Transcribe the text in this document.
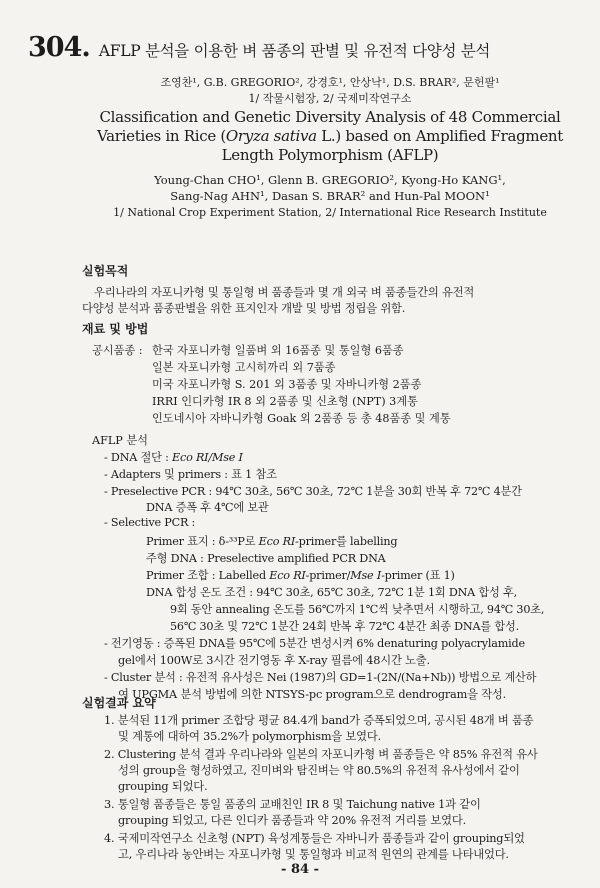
304. AFLP 분석을 이용한 벼 품종의 판별 및 유전적 다양성 분석
조영찬¹, G.B. GREGORIO², 강경호¹, 안상낙¹, D.S. BRAR², 문헌팔¹
1/ 작물시험장, 2/ 국제미작연구소
Classification and Genetic Diversity Analysis of 48 Commercial
Varieties in Rice (Oryza sativa L.) based on Amplified Fragment
Length Polymorphism (AFLP)
Young-Chan CHO¹, Glenn B. GREGORIO², Kyong-Ho KANG¹,
Sang-Nag AHN¹, Dasan S. BRAR² and Hun-Pal MOON¹
1/ National Crop Experiment Station, 2/ International Rice Research Institute
실험목적
우리나라의 자포니카형 및 통일형 벼 품종들과 몇 개 외국 벼 품종들간의 유전적
다양성 분석과 품종판별을 위한 표지인자 개발 및 방법 정립을 위함.
재료 및 방법
공시품종 : 한국 자포니카형 일품벼 외 16품종 및 통일형 6품종
일본 자포니카형 고시히까리 외 7품종
미국 자포니카형 S. 201 외 3품종 및 자바니카형 2품종
IRRI 인디카형 IR 8 외 2품종 및 신초형 (NPT) 3계통
인도네시아 자바니카형 Goak 외 2품종 등 총 48품종 및 계통
AFLP 분석
- DNA 절단 : Eco RI/Mse I
- Adapters 및 primers : 표 1 참조
- Preselective PCR : 94℃ 30초, 56℃ 30초, 72℃ 1분을 30회 반복 후 72℃ 4분간
DNA 증폭 후 4℃에 보관
- Selective PCR :
Primer 표지 : δ-³³P로 Eco RI-primer를 labelling
주형 DNA : Preselective amplified PCR DNA
Primer 조합 : Labelled Eco RI-primer/Mse I-primer (표 1)
DNA 합성 온도 조건 : 94℃ 30초, 65℃ 30초, 72℃ 1분 1회 DNA 합성 후,
9회 동안 annealing 온도를 56℃까지 1℃씩 낮추면서 시행하고, 94℃ 30초,
56℃ 30초 및 72℃ 1분간 24회 반복 후 72℃ 4분간 최종 DNA를 합성.
- 전기영동 : 증폭된 DNA를 95℃에 5분간 변성시켜 6% denaturing polyacrylamide
gel에서 100W로 3시간 전기영동 후 X-ray 필름에 48시간 노출.
- Cluster 분석 : 유전적 유사성은 Nei (1987)의 GD=1-(2N/(Na+Nb)) 방법으로 계산하
여 UPGMA 분석 방법에 의한 NTSYS-pc program으로 dendrogram을 작성.
실험결과 요약
1. 분석된 11개 primer 조합당 평균 84.4개 band가 증폭되었으며, 공시된 48개 벼 품종
및 계통에 대하여 35.2%가 polymorphism을 보였다.
2. Clustering 분석 결과 우리나라와 일본의 자포니카형 벼 품종들은 약 85% 유전적 유사
성의 group을 형성하였고, 진미벼와 탐진벼는 약 80.5%의 유전적 유사성에서 같이
grouping 되었다.
3. 통일형 품종들은 통일 품종의 교배친인 IR 8 및 Taichung native 1과 같이
grouping 되었고, 다른 인디카 품종들과 약 20% 유전적 거리를 보였다.
4. 국제미작연구소 신초형 (NPT) 육성계통들은 자바니카 품종들과 같이 grouping되었
고, 우리나라 농안벼는 자포니카형 및 통일형과 비교적 원연의 관계를 나타내었다.
- 84 -
